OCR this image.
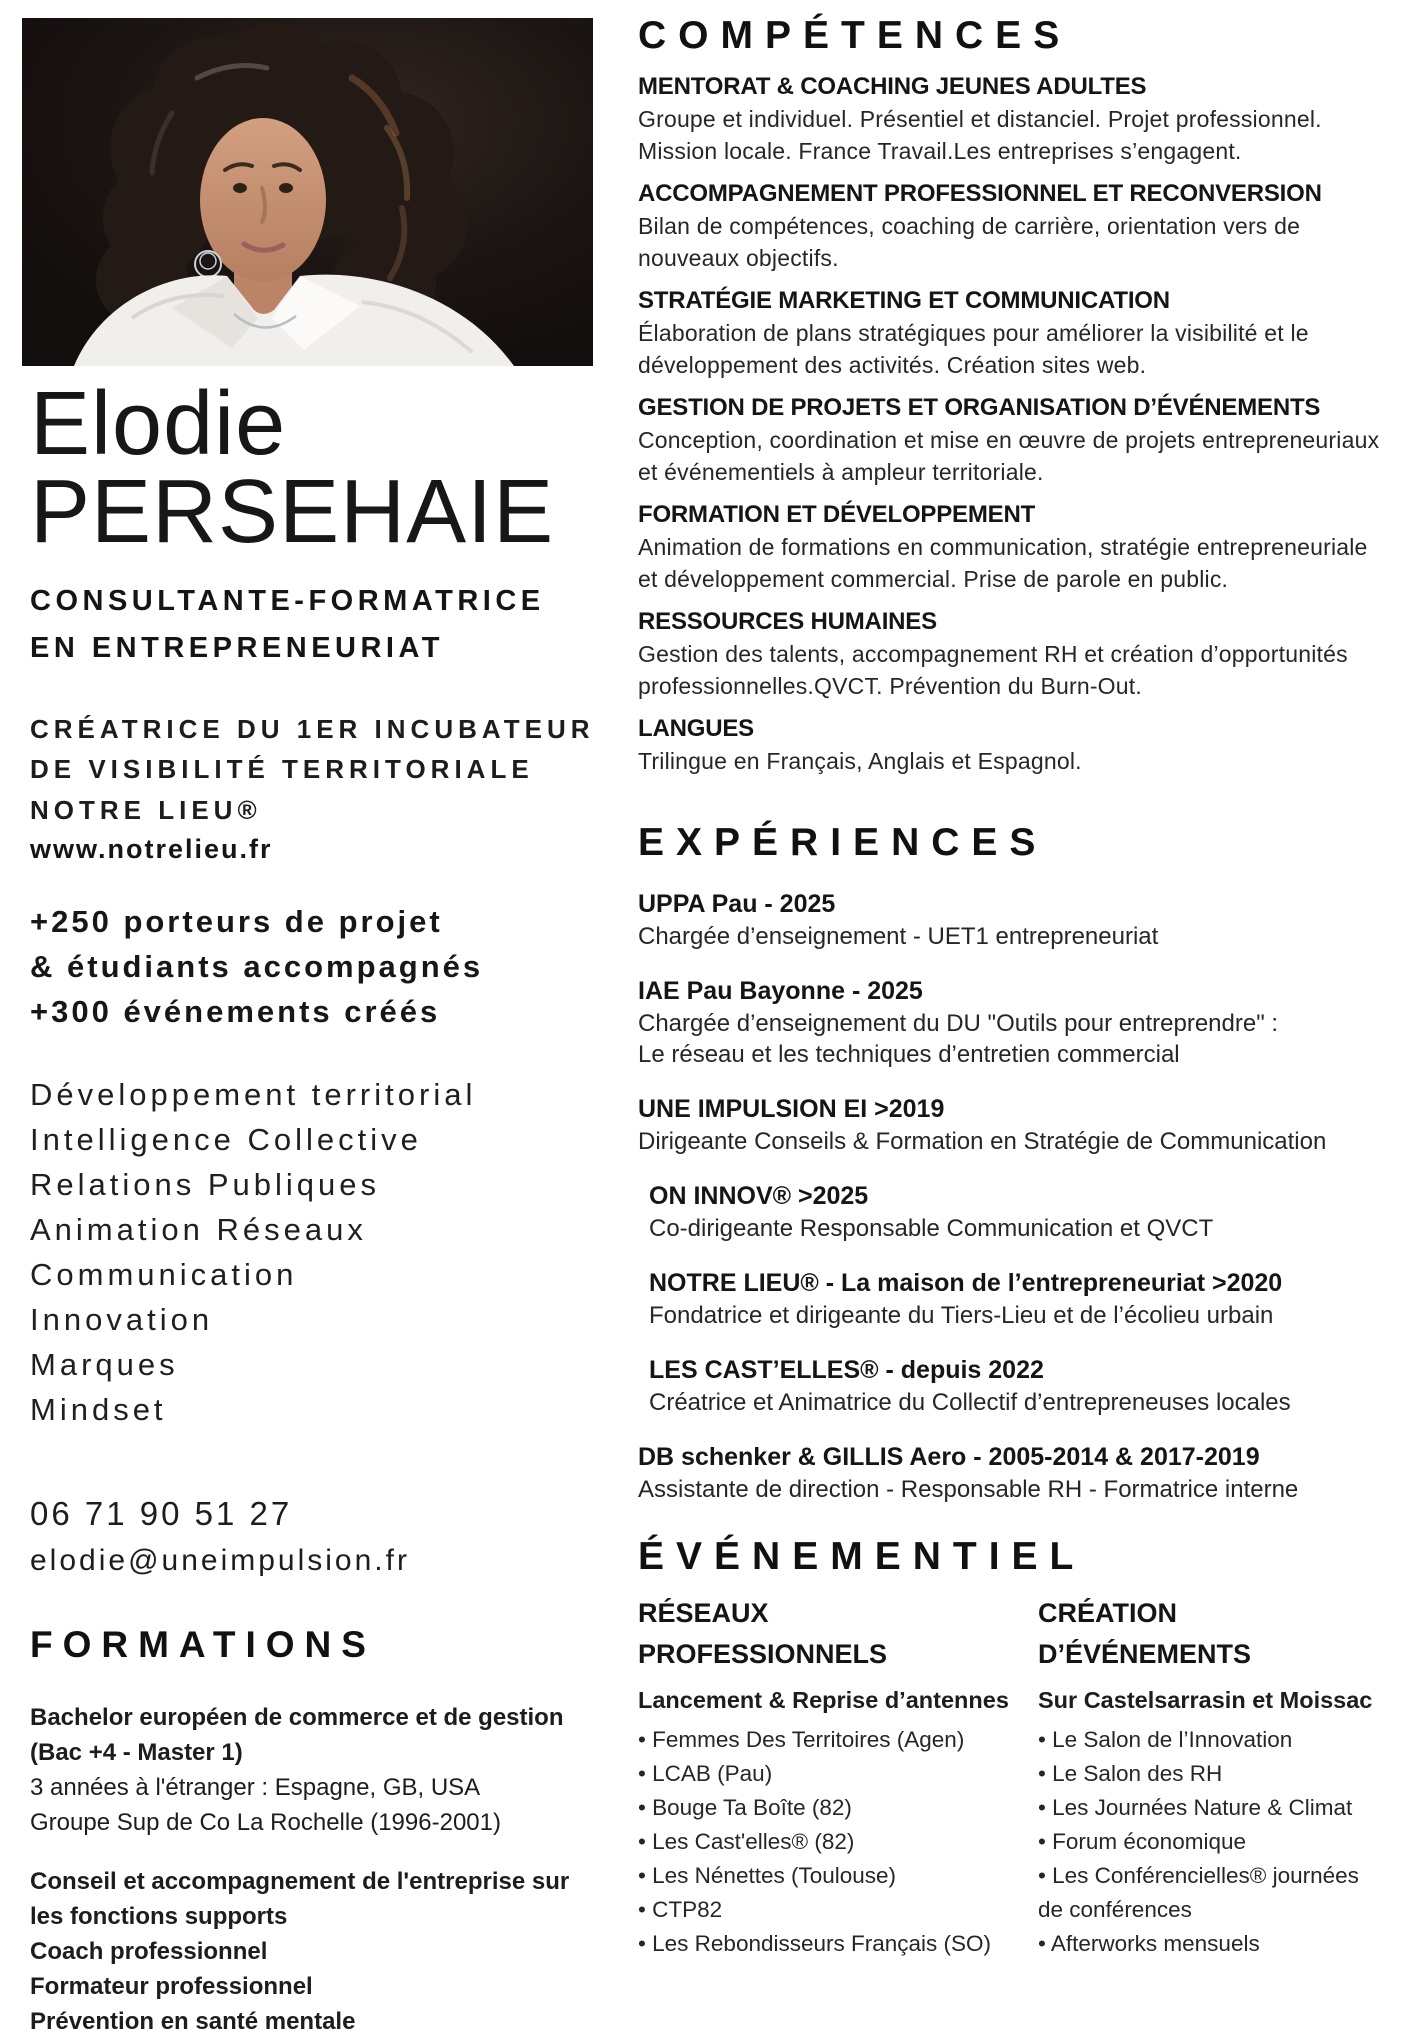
Elodie
PERSEHAIE
CONSULTANTE-FORMATRICE
EN ENTREPRENEURIAT
CRÉATRICE DU 1ER INCUBATEUR
DE VISIBILITÉ TERRITORIALE
NOTRE LIEU®
www.notrelieu.fr
+250 porteurs de projet
& étudiants accompagnés
+300 événements créés
Développement territorial
Intelligence Collective
Relations Publiques
Animation Réseaux
Communication
Innovation
Marques
Mindset
06 71 90 51 27
elodie@uneimpulsion.fr
FORMATIONS
Bachelor européen de commerce et de gestion
(Bac +4 - Master 1)
3 années à l'étranger : Espagne, GB, USA
Groupe Sup de Co La Rochelle (1996-2001)
Conseil et accompagnement de l'entreprise sur
les fonctions supports
Coach professionnel
Formateur professionnel
Prévention en santé mentale
COMPÉTENCES
MENTORAT & COACHING JEUNES ADULTES
Groupe et individuel. Présentiel et distanciel. Projet professionnel.
Mission locale. France Travail.Les entreprises s’engagent.
ACCOMPAGNEMENT PROFESSIONNEL ET RECONVERSION
Bilan de compétences, coaching de carrière, orientation vers de
nouveaux objectifs.
STRATÉGIE MARKETING ET COMMUNICATION
Élaboration de plans stratégiques pour améliorer la visibilité et le
développement des activités. Création sites web.
GESTION DE PROJETS ET ORGANISATION D’ÉVÉNEMENTS
Conception, coordination et mise en œuvre de projets entrepreneuriaux
et événementiels à ampleur territoriale.
FORMATION ET DÉVELOPPEMENT
Animation de formations en communication, stratégie entrepreneuriale
et développement commercial. Prise de parole en public.
RESSOURCES HUMAINES
Gestion des talents, accompagnement RH et création d’opportunités
professionnelles.QVCT. Prévention du Burn-Out.
LANGUES
Trilingue en Français, Anglais et Espagnol.
EXPÉRIENCES
UPPA Pau - 2025
Chargée d’enseignement - UET1 entrepreneuriat
IAE Pau Bayonne - 2025
Chargée d’enseignement du DU "Outils pour entreprendre" :
Le réseau et les techniques d’entretien commercial
UNE IMPULSION EI >2019
Dirigeante Conseils & Formation en Stratégie de Communication
ON INNOV® >2025
Co-dirigeante Responsable Communication et QVCT
NOTRE LIEU® - La maison de l’entrepreneuriat >2020
Fondatrice et dirigeante du Tiers-Lieu et de l’écolieu urbain
LES CAST’ELLES® - depuis 2022
Créatrice et Animatrice du Collectif d’entrepreneuses locales
DB schenker & GILLIS Aero - 2005-2014 & 2017-2019
Assistante de direction - Responsable RH - Formatrice interne
ÉVÉNEMENTIEL
RÉSEAUX
PROFESSIONNELS
Lancement & Reprise d’antennes
• Femmes Des Territoires (Agen)
• LCAB (Pau)
• Bouge Ta Boîte (82)
• Les Cast'elles® (82)
• Les Nénettes (Toulouse)
• CTP82
• Les Rebondisseurs Français (SO)
CRÉATION
D’ÉVÉNEMENTS
Sur Castelsarrasin et Moissac
• Le Salon de l’Innovation
• Le Salon des RH
• Les Journées Nature & Climat
• Forum économique
• Les Conférencielles® journées de conférences
• Afterworks mensuels
